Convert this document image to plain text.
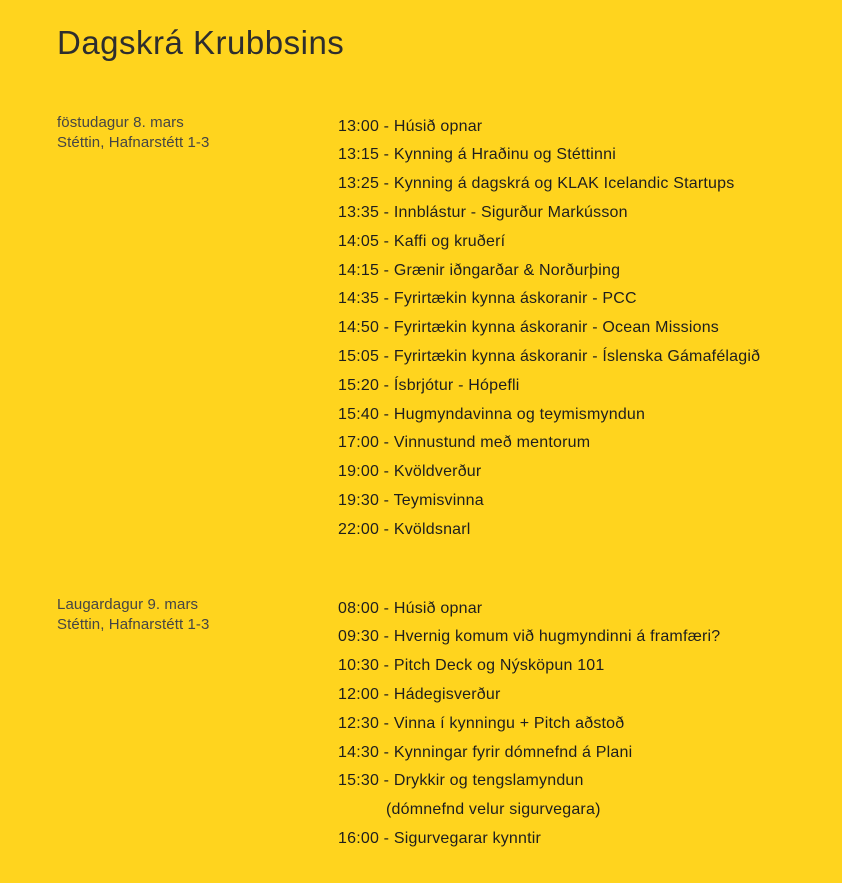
Dagskrá Krubbsins
föstudagur 8. mars
Stéttin, Hafnarstétt 1-3
13:00 - Húsið opnar
13:15 - Kynning á Hraðinu og Stéttinni
13:25 - Kynning á dagskrá og KLAK Icelandic Startups
13:35 - Innblástur - Sigurður Markússon
14:05 - Kaffi og kruðerí
14:15 - Grænir iðngarðar & Norðurþing
14:35 - Fyrirtækin kynna áskoranir - PCC
14:50 - Fyrirtækin kynna áskoranir - Ocean Missions
15:05 - Fyrirtækin kynna áskoranir - Íslenska Gámafélagið
15:20 - Ísbrjótur - Hópefli
15:40 - Hugmyndavinna og teymismyndun
17:00 - Vinnustund með mentorum
19:00 - Kvöldverður
19:30 - Teymisvinna
22:00 - Kvöldsnarl
Laugardagur 9. mars
Stéttin, Hafnarstétt 1-3
08:00 - Húsið opnar
09:30 - Hvernig komum við hugmyndinni á framfæri?
10:30 - Pitch Deck og Nýsköpun 101
12:00 - Hádegisverður
12:30 - Vinna í kynningu + Pitch aðstoð
14:30 - Kynningar fyrir dómnefnd á Plani
15:30 - Drykkir og tengslamyndun
(dómnefnd velur sigurvegara)
16:00 - Sigurvegarar kynntir
